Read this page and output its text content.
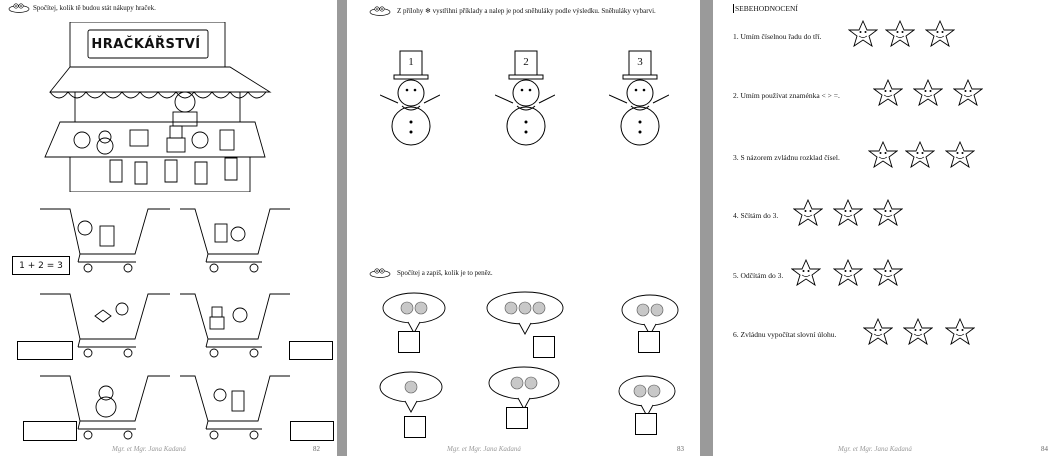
Spočítej, kolik tě budou stát nákupy hraček.
HRAČKÁŘSTVÍ
1 + 2 = 3
Mgr. et Mgr. Jana Kadaná	82
Z přílohy ❄ vystřihni příklady a nalep je pod sněhuláky podle výsledku. Sněhuláky vybarvi.
1	2	3
Spočítej a zapiš, kolik je to peněz.
Mgr. et Mgr. Jana Kadaná	83
SEBEHODNOCENÍ
1. Umím číselnou řadu do tří.
2. Umím používat znaménka < > =.
3. S názorem zvládnu rozklad čísel.
4. Sčítám do 3.
5. Odčítám do 3.
6. Zvládnu vypočítat slovní úlohu.
Mgr. et Mgr. Jana Kadaná	84
